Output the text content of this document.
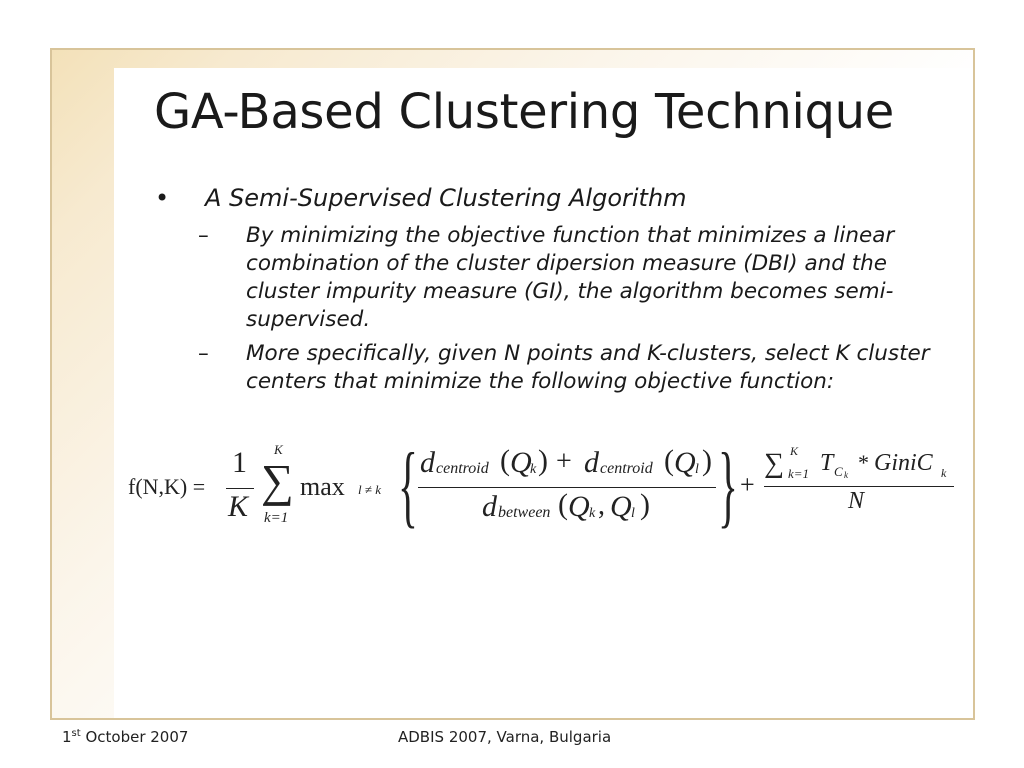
GA-Based Clustering Technique
• A Semi-Supervised Clustering Algorithm
– By minimizing the objective function that minimizes a linear combination of the cluster dipersion measure (DBI) and the cluster impurity measure (GI), the algorithm becomes semi-supervised.
– More specifically, given N points and K-clusters, select K cluster centers that minimize the following objective function:
f(N,K) =
1
K
K
∑
k=1
max l ≠ k { d centroid ( Q
k ) + d centroid ( Q l )
d between ( Q k , Q l ) } +
∑ K
k=1 T C k * GiniC k
N
1st October 2007	ADBIS 2007, Varna, Bulgaria
